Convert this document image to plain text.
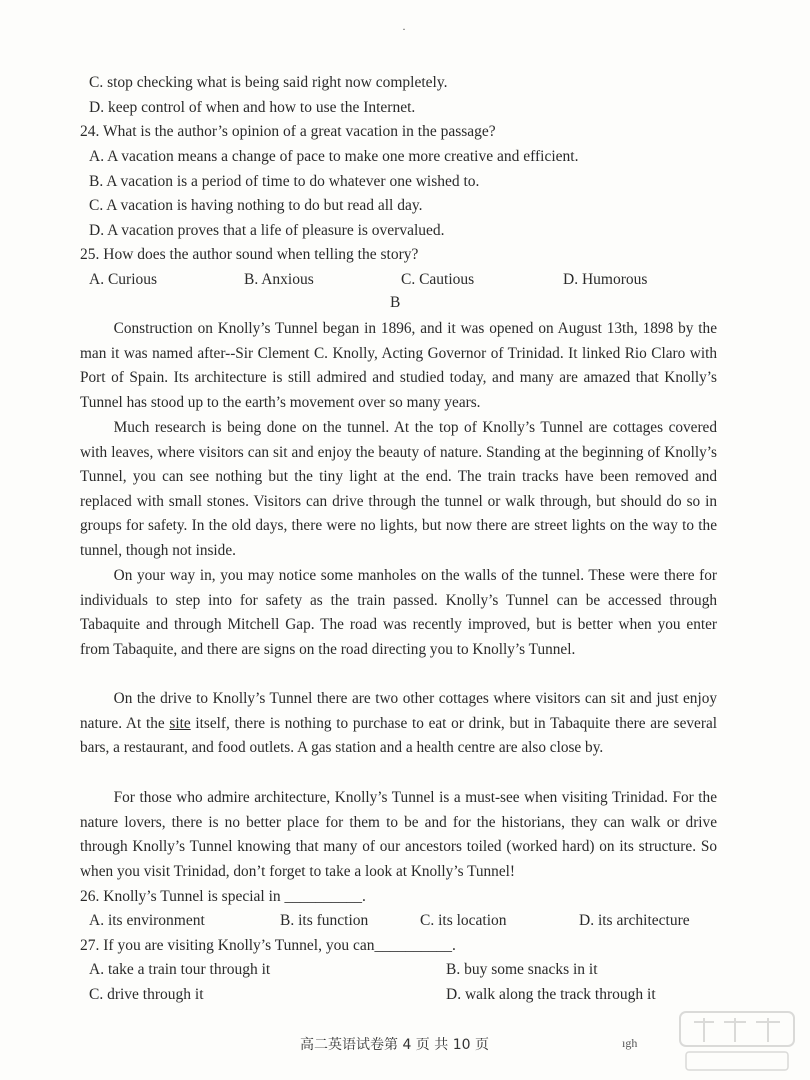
·
C. stop checking what is being said right now completely.
D. keep control of when and how to use the Internet.
24. What is the author’s opinion of a great vacation in the passage?
A. A vacation means a change of pace to make one more creative and efficient.
B. A vacation is a period of time to do whatever one wished to.
C. A vacation is having nothing to do but read all day.
D. A vacation proves that a life of pleasure is overvalued.
25. How does the author sound when telling the story?
A. Curious	B. Anxious	C. Cautious	D. Humorous
B
Construction on Knolly’s Tunnel began in 1896, and it was opened on August 13th, 1898 by the man it was named after--Sir Clement C. Knolly, Acting Governor of Trinidad. It linked Rio Claro with Port of Spain. Its architecture is still admired and studied today, and many are amazed that Knolly’s Tunnel has stood up to the earth’s movement over so many years.
Much research is being done on the tunnel. At the top of Knolly’s Tunnel are cottages covered with leaves, where visitors can sit and enjoy the beauty of nature. Standing at the beginning of Knolly’s Tunnel, you can see nothing but the tiny light at the end. The train tracks have been removed and replaced with small stones. Visitors can drive through the tunnel or walk through, but should do so in groups for safety. In the old days, there were no lights, but now there are street lights on the way to the tunnel, though not inside.
On your way in, you may notice some manholes on the walls of the tunnel. These were there for individuals to step into for safety as the train passed. Knolly’s Tunnel can be accessed through Tabaquite and through Mitchell Gap. The road was recently improved, but is better when you enter from Tabaquite, and there are signs on the road directing you to Knolly’s Tunnel.
On the drive to Knolly’s Tunnel there are two other cottages where visitors can sit and just enjoy nature. At the site itself, there is nothing to purchase to eat or drink, but in Tabaquite there are several bars, a restaurant, and food outlets. A gas station and a health centre are also close by.
For those who admire architecture, Knolly’s Tunnel is a must-see when visiting Trinidad. For the nature lovers, there is no better place for them to be and for the historians, they can walk or drive through Knolly’s Tunnel knowing that many of our ancestors toiled (worked hard) on its structure. So when you visit Trinidad, don’t forget to take a look at Knolly’s Tunnel!
26. Knolly’s Tunnel is special in __________.
A. its environment	B. its function	C. its location	D. its architecture
27. If you are visiting Knolly’s Tunnel, you can__________.
A. take a train tour through it	B. buy some snacks in it
C. drive through it	D. walk along the track through it
高二英语试卷第 4 页 共 10 页	ıgh
